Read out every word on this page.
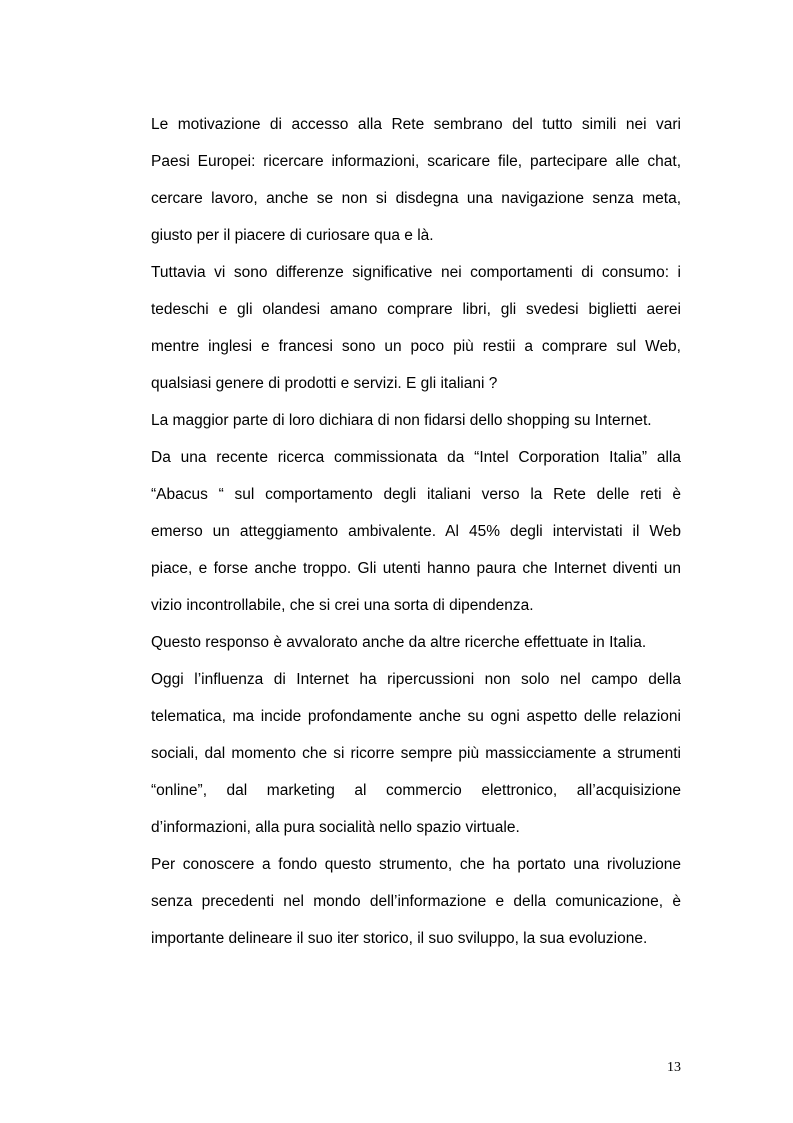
Le motivazione di accesso alla Rete sembrano del tutto simili nei vari
Paesi Europei: ricercare informazioni, scaricare file, partecipare alle chat,
cercare lavoro, anche se non si disdegna una navigazione senza meta,
giusto per il piacere di curiosare qua e là.
Tuttavia vi sono differenze significative nei comportamenti di consumo: i
tedeschi e gli olandesi amano comprare libri, gli svedesi biglietti aerei
mentre inglesi e francesi sono un poco più restii a comprare sul Web,
qualsiasi genere di prodotti e servizi. E gli italiani ?
La maggior parte di loro dichiara di non fidarsi dello shopping su Internet.
Da una recente ricerca commissionata da “Intel Corporation Italia” alla
“Abacus “ sul comportamento degli italiani verso la Rete delle reti è
emerso un atteggiamento ambivalente. Al 45% degli intervistati il Web
piace, e forse anche troppo. Gli utenti hanno paura che Internet diventi un
vizio incontrollabile, che si crei una sorta di dipendenza.
Questo responso è avvalorato anche da altre ricerche effettuate in Italia.
Oggi l’influenza di Internet ha ripercussioni non solo nel campo della
telematica, ma incide profondamente anche su ogni aspetto delle relazioni
sociali, dal momento che si ricorre sempre più massicciamente a strumenti
“online”, dal marketing al commercio elettronico, all’acquisizione
d’informazioni, alla pura socialità nello spazio virtuale.
Per conoscere a fondo questo strumento, che ha portato una rivoluzione
senza precedenti nel mondo dell’informazione e della comunicazione, è
importante delineare il suo iter storico, il suo sviluppo, la sua evoluzione.
13
